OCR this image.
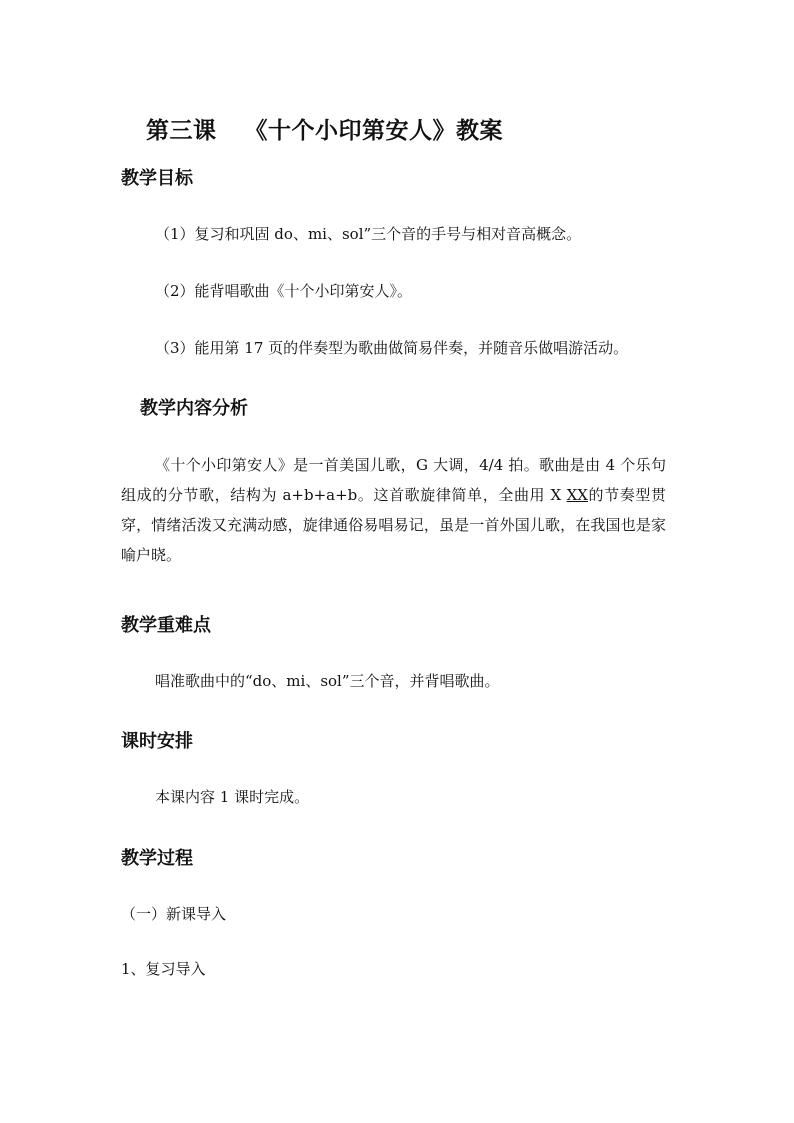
第三课 《十个小印第安人》教案
教学目标

（1）复习和巩固 do、mi、sol”三个音的手号与相对音高概念。

（2）能背唱歌曲《十个小印第安人》。

（3）能用第 17 页的伴奏型为歌曲做简易伴奏，并随音乐做唱游活动。

教学内容分析

《十个小印第安人》是一首美国儿歌，G 大调，4/4 拍。歌曲是由 4 个乐句组成的分节歌，结构为 a+b+a+b。这首歌旋律简单，全曲用 X XX的节奏型贯穿，情绪活泼又充满动感，旋律通俗易唱易记，虽是一首外国儿歌，在我国也是家喻户晓。

教学重难点

唱准歌曲中的“do、mi、sol”三个音，并背唱歌曲。

课时安排

本课内容 1 课时完成。

教学过程

（一）新课导入

1、复习导入
